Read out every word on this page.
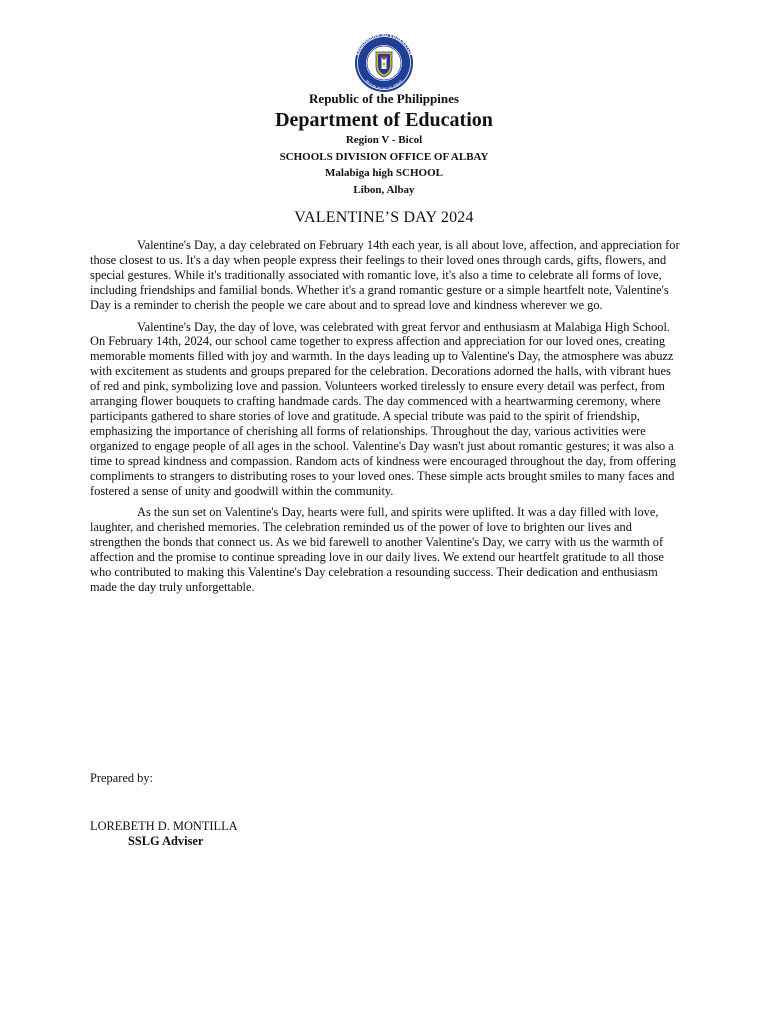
KAGAWARAN NG EDUKASYON
REPUBLIKA NG PILIPINAS
Republic of the Philippines
Department of Education
Region V - Bicol
SCHOOLS DIVISION OFFICE OF ALBAY
Malabiga high SCHOOL
Libon, Albay
VALENTINE’S DAY 2024

Valentine's Day, a day celebrated on February 14th each year, is all about love, affection, and appreciation for those closest to us. It's a day when people express their feelings to their loved ones through cards, gifts, flowers, and special gestures. While it's traditionally associated with romantic love, it's also a time to celebrate all forms of love, including friendships and familial bonds. Whether it's a grand romantic gesture or a simple heartfelt note, Valentine's Day is a reminder to cherish the people we care about and to spread love and kindness wherever we go.

Valentine's Day, the day of love, was celebrated with great fervor and enthusiasm at Malabiga High School. On February 14th, 2024, our school came together to express affection and appreciation for our loved ones, creating memorable moments filled with joy and warmth. In the days leading up to Valentine's Day, the atmosphere was abuzz with excitement as students and groups prepared for the celebration. Decorations adorned the halls, with vibrant hues of red and pink, symbolizing love and passion. Volunteers worked tirelessly to ensure every detail was perfect, from arranging flower bouquets to crafting handmade cards. The day commenced with a heartwarming ceremony, where participants gathered to share stories of love and gratitude. A special tribute was paid to the spirit of friendship, emphasizing the importance of cherishing all forms of relationships. Throughout the day, various activities were organized to engage people of all ages in the school. Valentine's Day wasn't just about romantic gestures; it was also a time to spread kindness and compassion. Random acts of kindness were encouraged throughout the day, from offering compliments to strangers to distributing roses to your loved ones. These simple acts brought smiles to many faces and fostered a sense of unity and goodwill within the community.

As the sun set on Valentine's Day, hearts were full, and spirits were uplifted. It was a day filled with love, laughter, and cherished memories. The celebration reminded us of the power of love to brighten our lives and strengthen the bonds that connect us. As we bid farewell to another Valentine's Day, we carry with us the warmth of affection and the promise to continue spreading love in our daily lives. We extend our heartfelt gratitude to all those who contributed to making this Valentine's Day celebration a resounding success. Their dedication and enthusiasm made the day truly unforgettable.

Prepared by:
LOREBETH D. MONTILLA
SSLG Adviser
